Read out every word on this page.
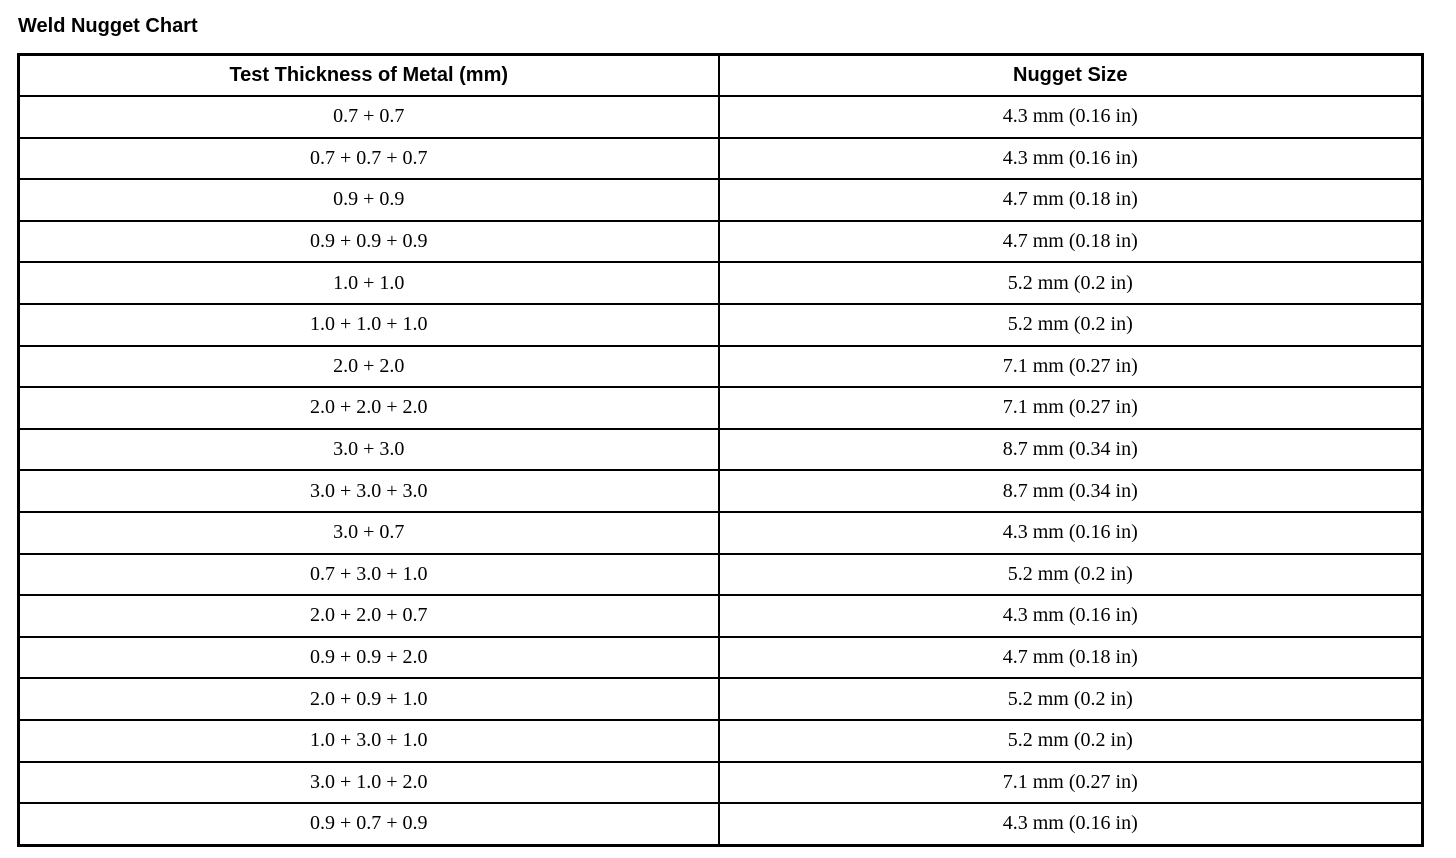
Weld Nugget Chart
Test Thickness of Metal (mm)	Nugget Size
0.7 + 0.7	4.3 mm (0.16 in)
0.7 + 0.7 + 0.7	4.3 mm (0.16 in)
0.9 + 0.9	4.7 mm (0.18 in)
0.9 + 0.9 + 0.9	4.7 mm (0.18 in)
1.0 + 1.0	5.2 mm (0.2 in)
1.0 + 1.0 + 1.0	5.2 mm (0.2 in)
2.0 + 2.0	7.1 mm (0.27 in)
2.0 + 2.0 + 2.0	7.1 mm (0.27 in)
3.0 + 3.0	8.7 mm (0.34 in)
3.0 + 3.0 + 3.0	8.7 mm (0.34 in)
3.0 + 0.7	4.3 mm (0.16 in)
0.7 + 3.0 + 1.0	5.2 mm (0.2 in)
2.0 + 2.0 + 0.7	4.3 mm (0.16 in)
0.9 + 0.9 + 2.0	4.7 mm (0.18 in)
2.0 + 0.9 + 1.0	5.2 mm (0.2 in)
1.0 + 3.0 + 1.0	5.2 mm (0.2 in)
3.0 + 1.0 + 2.0	7.1 mm (0.27 in)
0.9 + 0.7 + 0.9	4.3 mm (0.16 in)
